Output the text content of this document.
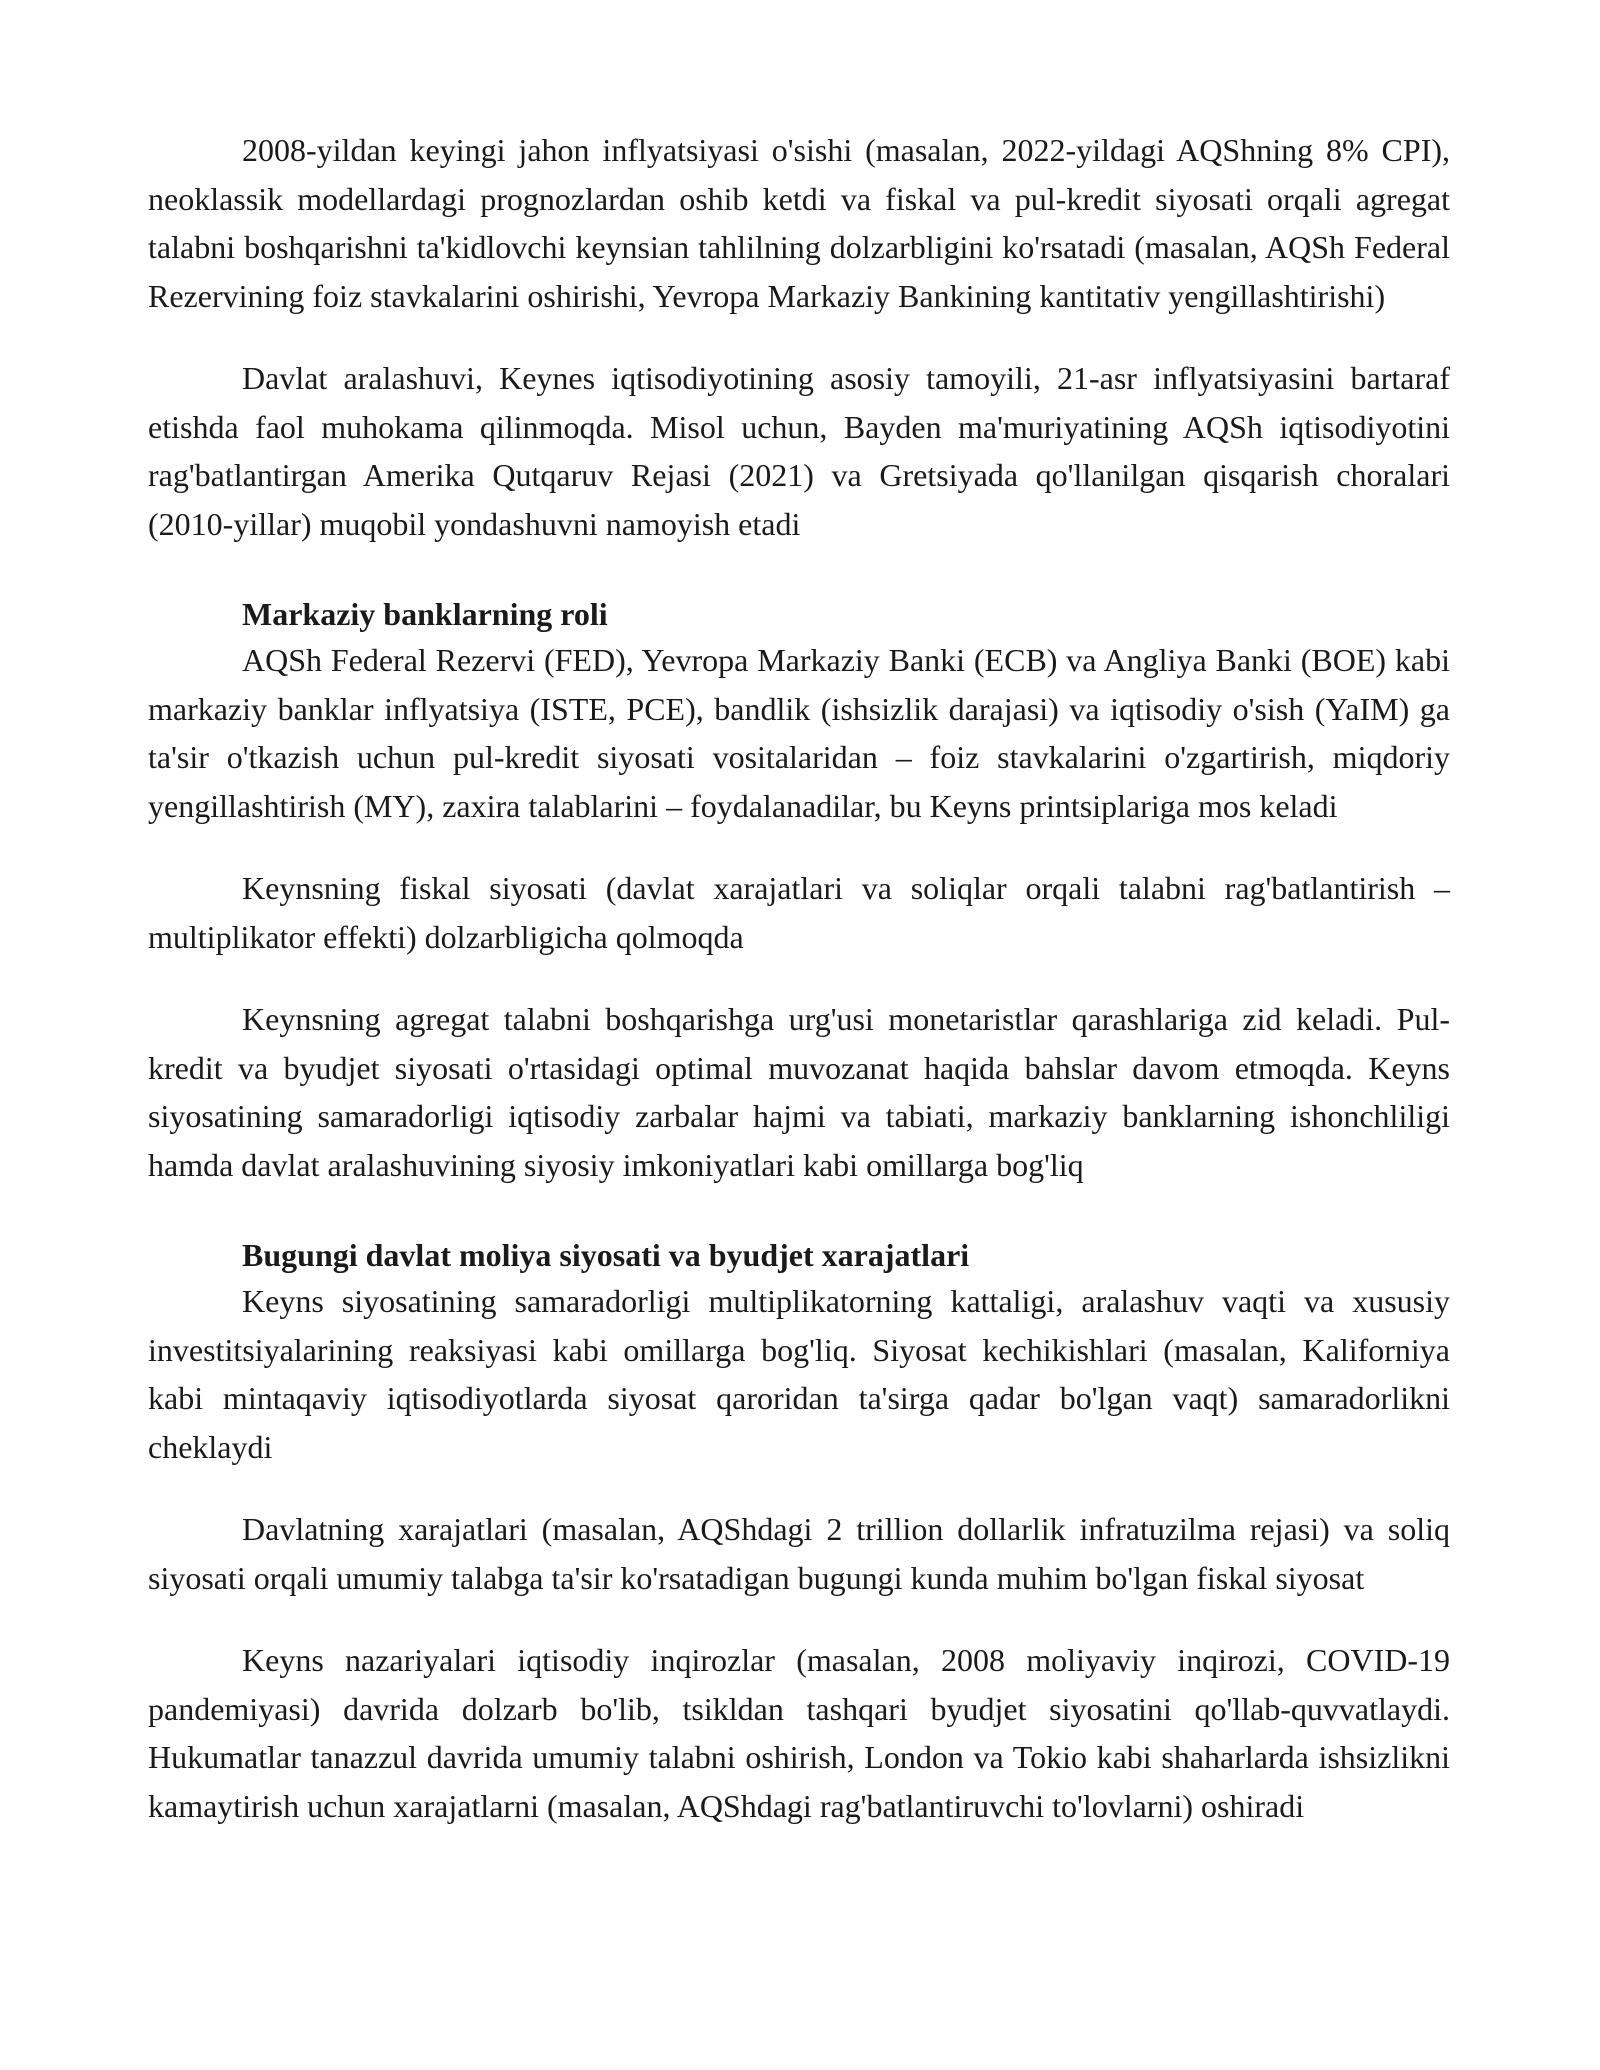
2008-yildan keyingi jahon inflyatsiyasi o'sishi (masalan, 2022-yildagi AQShning 8% CPI), neoklassik modellardagi prognozlardan oshib ketdi va fiskal va pul-kredit siyosati orqali agregat talabni boshqarishni ta'kidlovchi keynsian tahlilning dolzarbligini ko'rsatadi (masalan, AQSh Federal Rezervining foiz stavkalarini oshirishi, Yevropa Markaziy Bankining kantitativ yengillashtirishi)

Davlat aralashuvi, Keynes iqtisodiyotining asosiy tamoyili, 21-asr inflyatsiyasini bartaraf etishda faol muhokama qilinmoqda. Misol uchun, Bayden ma'muriyatining AQSh iqtisodiyotini rag'batlantirgan Amerika Qutqaruv Rejasi (2021) va Gretsiyada qo'llanilgan qisqarish choralari (2010-yillar) muqobil yondashuvni namoyish etadi

Markaziy banklarning roli

AQSh Federal Rezervi (FED), Yevropa Markaziy Banki (ECB) va Angliya Banki (BOE) kabi markaziy banklar inflyatsiya (ISTE, PCE), bandlik (ishsizlik darajasi) va iqtisodiy o'sish (YaIM) ga ta'sir o'tkazish uchun pul-kredit siyosati vositalaridan – foiz stavkalarini o'zgartirish, miqdoriy yengillashtirish (MY), zaxira talablarini – foydalanadilar, bu Keyns printsiplariga mos keladi

Keynsning fiskal siyosati (davlat xarajatlari va soliqlar orqali talabni rag'batlantirish – multiplikator effekti) dolzarbligicha qolmoqda

Keynsning agregat talabni boshqarishga urg'usi monetaristlar qarashlariga zid keladi. Pul-kredit va byudjet siyosati o'rtasidagi optimal muvozanat haqida bahslar davom etmoqda. Keyns siyosatining samaradorligi iqtisodiy zarbalar hajmi va tabiati, markaziy banklarning ishonchliligi hamda davlat aralashuvining siyosiy imkoniyatlari kabi omillarga bog'liq

Bugungi davlat moliya siyosati va byudjet xarajatlari

Keyns siyosatining samaradorligi multiplikatorning kattaligi, aralashuv vaqti va xususiy investitsiyalarining reaksiyasi kabi omillarga bog'liq. Siyosat kechikishlari (masalan, Kaliforniya kabi mintaqaviy iqtisodiyotlarda siyosat qaroridan ta'sirga qadar bo'lgan vaqt) samaradorlikni cheklaydi

Davlatning xarajatlari (masalan, AQShdagi 2 trillion dollarlik infratuzilma rejasi) va soliq siyosati orqali umumiy talabga ta'sir ko'rsatadigan bugungi kunda muhim bo'lgan fiskal siyosat

Keyns nazariyalari iqtisodiy inqirozlar (masalan, 2008 moliyaviy inqirozi, COVID-19 pandemiyasi) davrida dolzarb bo'lib, tsikldan tashqari byudjet siyosatini qo'llab-quvvatlaydi. Hukumatlar tanazzul davrida umumiy talabni oshirish, London va Tokio kabi shaharlarda ishsizlikni kamaytirish uchun xarajatlarni (masalan, AQShdagi rag'batlantiruvchi to'lovlarni) oshiradi
